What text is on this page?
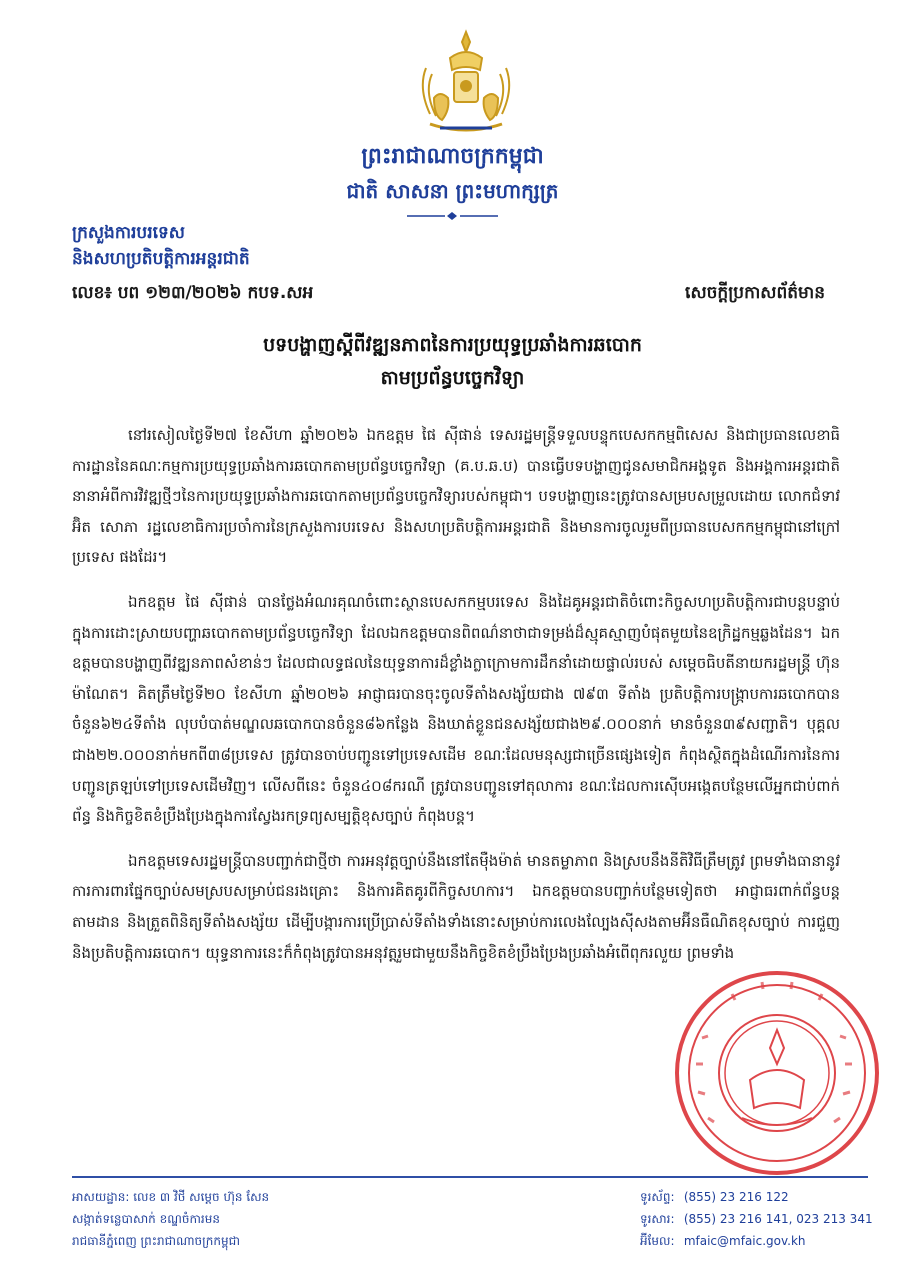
ព្រះរាជាណាចក្រកម្ពុជា
ជាតិ សាសនា ព្រះមហាក្សត្រ
ក្រសួងការបរទេស
និងសហប្រតិបត្តិការអន្តរជាតិ
លេខ៖ បព ១២៣/២០២៦ កបទ.សអ	សេចក្តីប្រកាសព័ត៌មាន
បទបង្ហាញស្តីពីវឌ្ឍនភាពនៃការប្រយុទ្ធប្រឆាំងការឆបោក
តាមប្រព័ន្ធបច្ចេកវិទ្យា

នៅរសៀលថ្ងៃទី២៧ ខែសីហា ឆ្នាំ២០២៦ ឯកឧត្តម ផៃ ស៊ីផាន់ ទេសរដ្ឋមន្ត្រីទទួលបន្ទុកបេសកកម្មពិសេស និងជាប្រធានលេខាធិការដ្ឋាននៃគណៈកម្មការប្រយុទ្ធប្រឆាំងការឆបោកតាមប្រព័ន្ធបច្ចេកវិទ្យា (គ.ប.ឆ.ប) បានធ្វើបទបង្ហាញជូនសមាជិកអង្គទូត និងអង្គការអន្តរជាតិនានាអំពីការវិវឌ្ឍថ្មីៗនៃការប្រយុទ្ធប្រឆាំងការឆបោកតាមប្រព័ន្ធបច្ចេកវិទ្យារបស់កម្ពុជា។ បទបង្ហាញនេះត្រូវបានសម្របសម្រួលដោយ លោកជំទាវ អ៊ិត សោភា រដ្ឋលេខាធិការប្រចាំការនៃក្រសួងការបរទេស និងសហប្រតិបត្តិការអន្តរជាតិ និងមានការចូលរួមពីប្រធានបេសកកម្មកម្ពុជានៅក្រៅប្រទេស ផងដែរ។

ឯកឧត្តម ផៃ ស៊ីផាន់ បានថ្លែងអំណរគុណចំពោះស្ថានបេសកកម្មបរទេស និងដៃគូអន្តរជាតិចំពោះកិច្ចសហប្រតិបត្តិការជាបន្តបន្ទាប់ ក្នុងការដោះស្រាយបញ្ហាឆបោកតាមប្រព័ន្ធបច្ចេកវិទ្យា ដែលឯកឧត្តមបានពិពណ៌នាថាជាទម្រង់ដ៏ស្មុគស្មាញបំផុតមួយនៃឧក្រិដ្ឋកម្មឆ្លងដែន។ ឯកឧត្តមបានបង្ហាញពីវឌ្ឍនភាពសំខាន់ៗ ដែលជាលទ្ធផលនៃយុទ្ធនាការដ៏ខ្លាំងក្លាក្រោមការដឹកនាំដោយផ្ទាល់របស់ សម្តេចធិបតីនាយករដ្ឋមន្ត្រី ហ៊ុន ម៉ាណែត។ គិតត្រឹមថ្ងៃទី២០ ខែសីហា ឆ្នាំ២០២៦ អាជ្ញាធរបានចុះចូលទីតាំងសង្ស័យជាង ៧៩៣ ទីតាំង ប្រតិបត្តិការបង្ក្រាបការឆបោកបានចំនួន៦២៤ទីតាំង លុបបំបាត់មណ្ឌលឆបោកបានចំនួន៨៦កន្លែង និងឃាត់ខ្លួនជនសង្ស័យជាង២៩.០០០នាក់ មានចំនួន៣៩សញ្ជាតិ។ បុគ្គលជាង២២.០០០នាក់មកពី៣៨ប្រទេស ត្រូវបានចាប់បញ្ជូនទៅប្រទេសដើម ខណៈដែលមនុស្សជាច្រើនផ្សេងទៀត កំពុងស្ថិតក្នុងដំណើរការនៃការបញ្ជូនត្រឡប់ទៅប្រទេសដើមវិញ។ លើសពីនេះ ចំនួន៤០៨ករណី ត្រូវបានបញ្ជូនទៅតុលាការ ខណៈដែលការស៊ើបអង្កេតបន្ថែមលើអ្នកជាប់ពាក់ព័ន្ធ និងកិច្ចខិតខំប្រឹងប្រែងក្នុងការស្វែងរកទ្រព្យសម្បត្តិខុសច្បាប់ កំពុងបន្ត។

ឯកឧត្តមទេសរដ្ឋមន្ត្រីបានបញ្ជាក់ជាថ្មីថា ការអនុវត្តច្បាប់នឹងនៅតែម៉ឺងម៉ាត់ មានតម្លាភាព និងស្របនឹងនីតិវិធីត្រឹមត្រូវ ព្រមទាំងធានានូវការការពារផ្នែកច្បាប់សមស្របសម្រាប់ជនរងគ្រោះ និងការគិតគូរពីកិច្ចសហការ។ ឯកឧត្តមបានបញ្ជាក់បន្ថែមទៀតថា អាជ្ញាធរពាក់ព័ន្ធបន្តតាមដាន និងត្រួតពិនិត្យទីតាំងសង្ស័យ ដើម្បីបង្ការការប្រើប្រាស់ទីតាំងទាំងនោះសម្រាប់ការលេងល្បែងស៊ីសងតាមអ៊ីនធឺណិតខុសច្បាប់ ការជួញ និងប្រតិបត្តិការឆបោក។ យុទ្ធនាការនេះក៏កំពុងត្រូវបានអនុវត្តរួមជាមួយនឹងកិច្ចខិតខំប្រឹងប្រែងប្រឆាំងអំពើពុករលួយ ព្រមទាំង

អាសយដ្ឋាន: លេខ ៣ វិថី សម្តេច ហ៊ុន សែន
សង្កាត់ទន្លេបាសាក់ ខណ្ឌចំការមន
រាជធានីភ្នំពេញ ព្រះរាជាណាចក្រកម្ពុជា
ទូរស័ព្ទ: (855) 23 216 122
ទូរសារ: (855) 23 216 141, 023 213 341
អ៊ីមែល: mfaic@mfaic.gov.kh
